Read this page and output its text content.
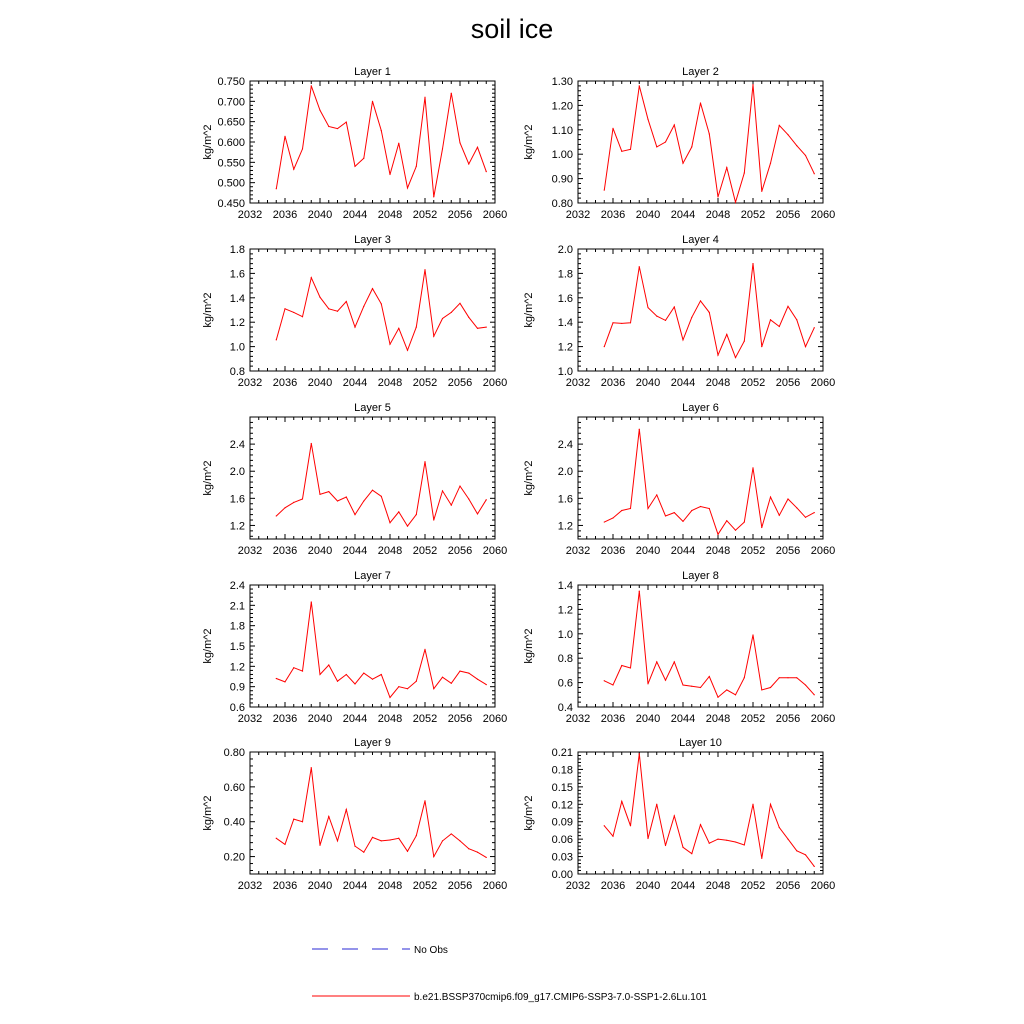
soil ice
Layer 1
2032 2036 2040 2044 2048 2052 2056 2060
0.450
0.500
0.550
0.600
0.650
0.700
0.750
kg/m^2
Layer 2
2032 2036 2040 2044 2048 2052 2056 2060
0.80
0.90
1.00
1.10
1.20
1.30
kg/m^2
Layer 3
2032 2036 2040 2044 2048 2052 2056 2060
0.8
1.0
1.2
1.4
1.6
1.8
kg/m^2
Layer 4
2032 2036 2040 2044 2048 2052 2056 2060
1.0
1.2
1.4
1.6
1.8
2.0
kg/m^2
Layer 5
2032 2036 2040 2044 2048 2052 2056 2060
1.2
1.6
2.0
2.4
kg/m^2
Layer 6
2032 2036 2040 2044 2048 2052 2056 2060
1.2
1.6
2.0
2.4
kg/m^2
Layer 7
2032 2036 2040 2044 2048 2052 2056 2060
0.6
0.9
1.2
1.5
1.8
2.1
2.4
kg/m^2
Layer 8
2032 2036 2040 2044 2048 2052 2056 2060
0.4
0.6
0.8
1.0
1.2
1.4
kg/m^2
Layer 9
2032 2036 2040 2044 2048 2052 2056 2060
0.20
0.40
0.60
0.80
kg/m^2
Layer 10
2032 2036 2040 2044 2048 2052 2056 2060
0.00
0.03
0.06
0.09
0.12
0.15
0.18
0.21
kg/m^2
No Obs
b.e21.BSSP370cmip6.f09_g17.CMIP6-SSP3-7.0-SSP1-2.6Lu.101
